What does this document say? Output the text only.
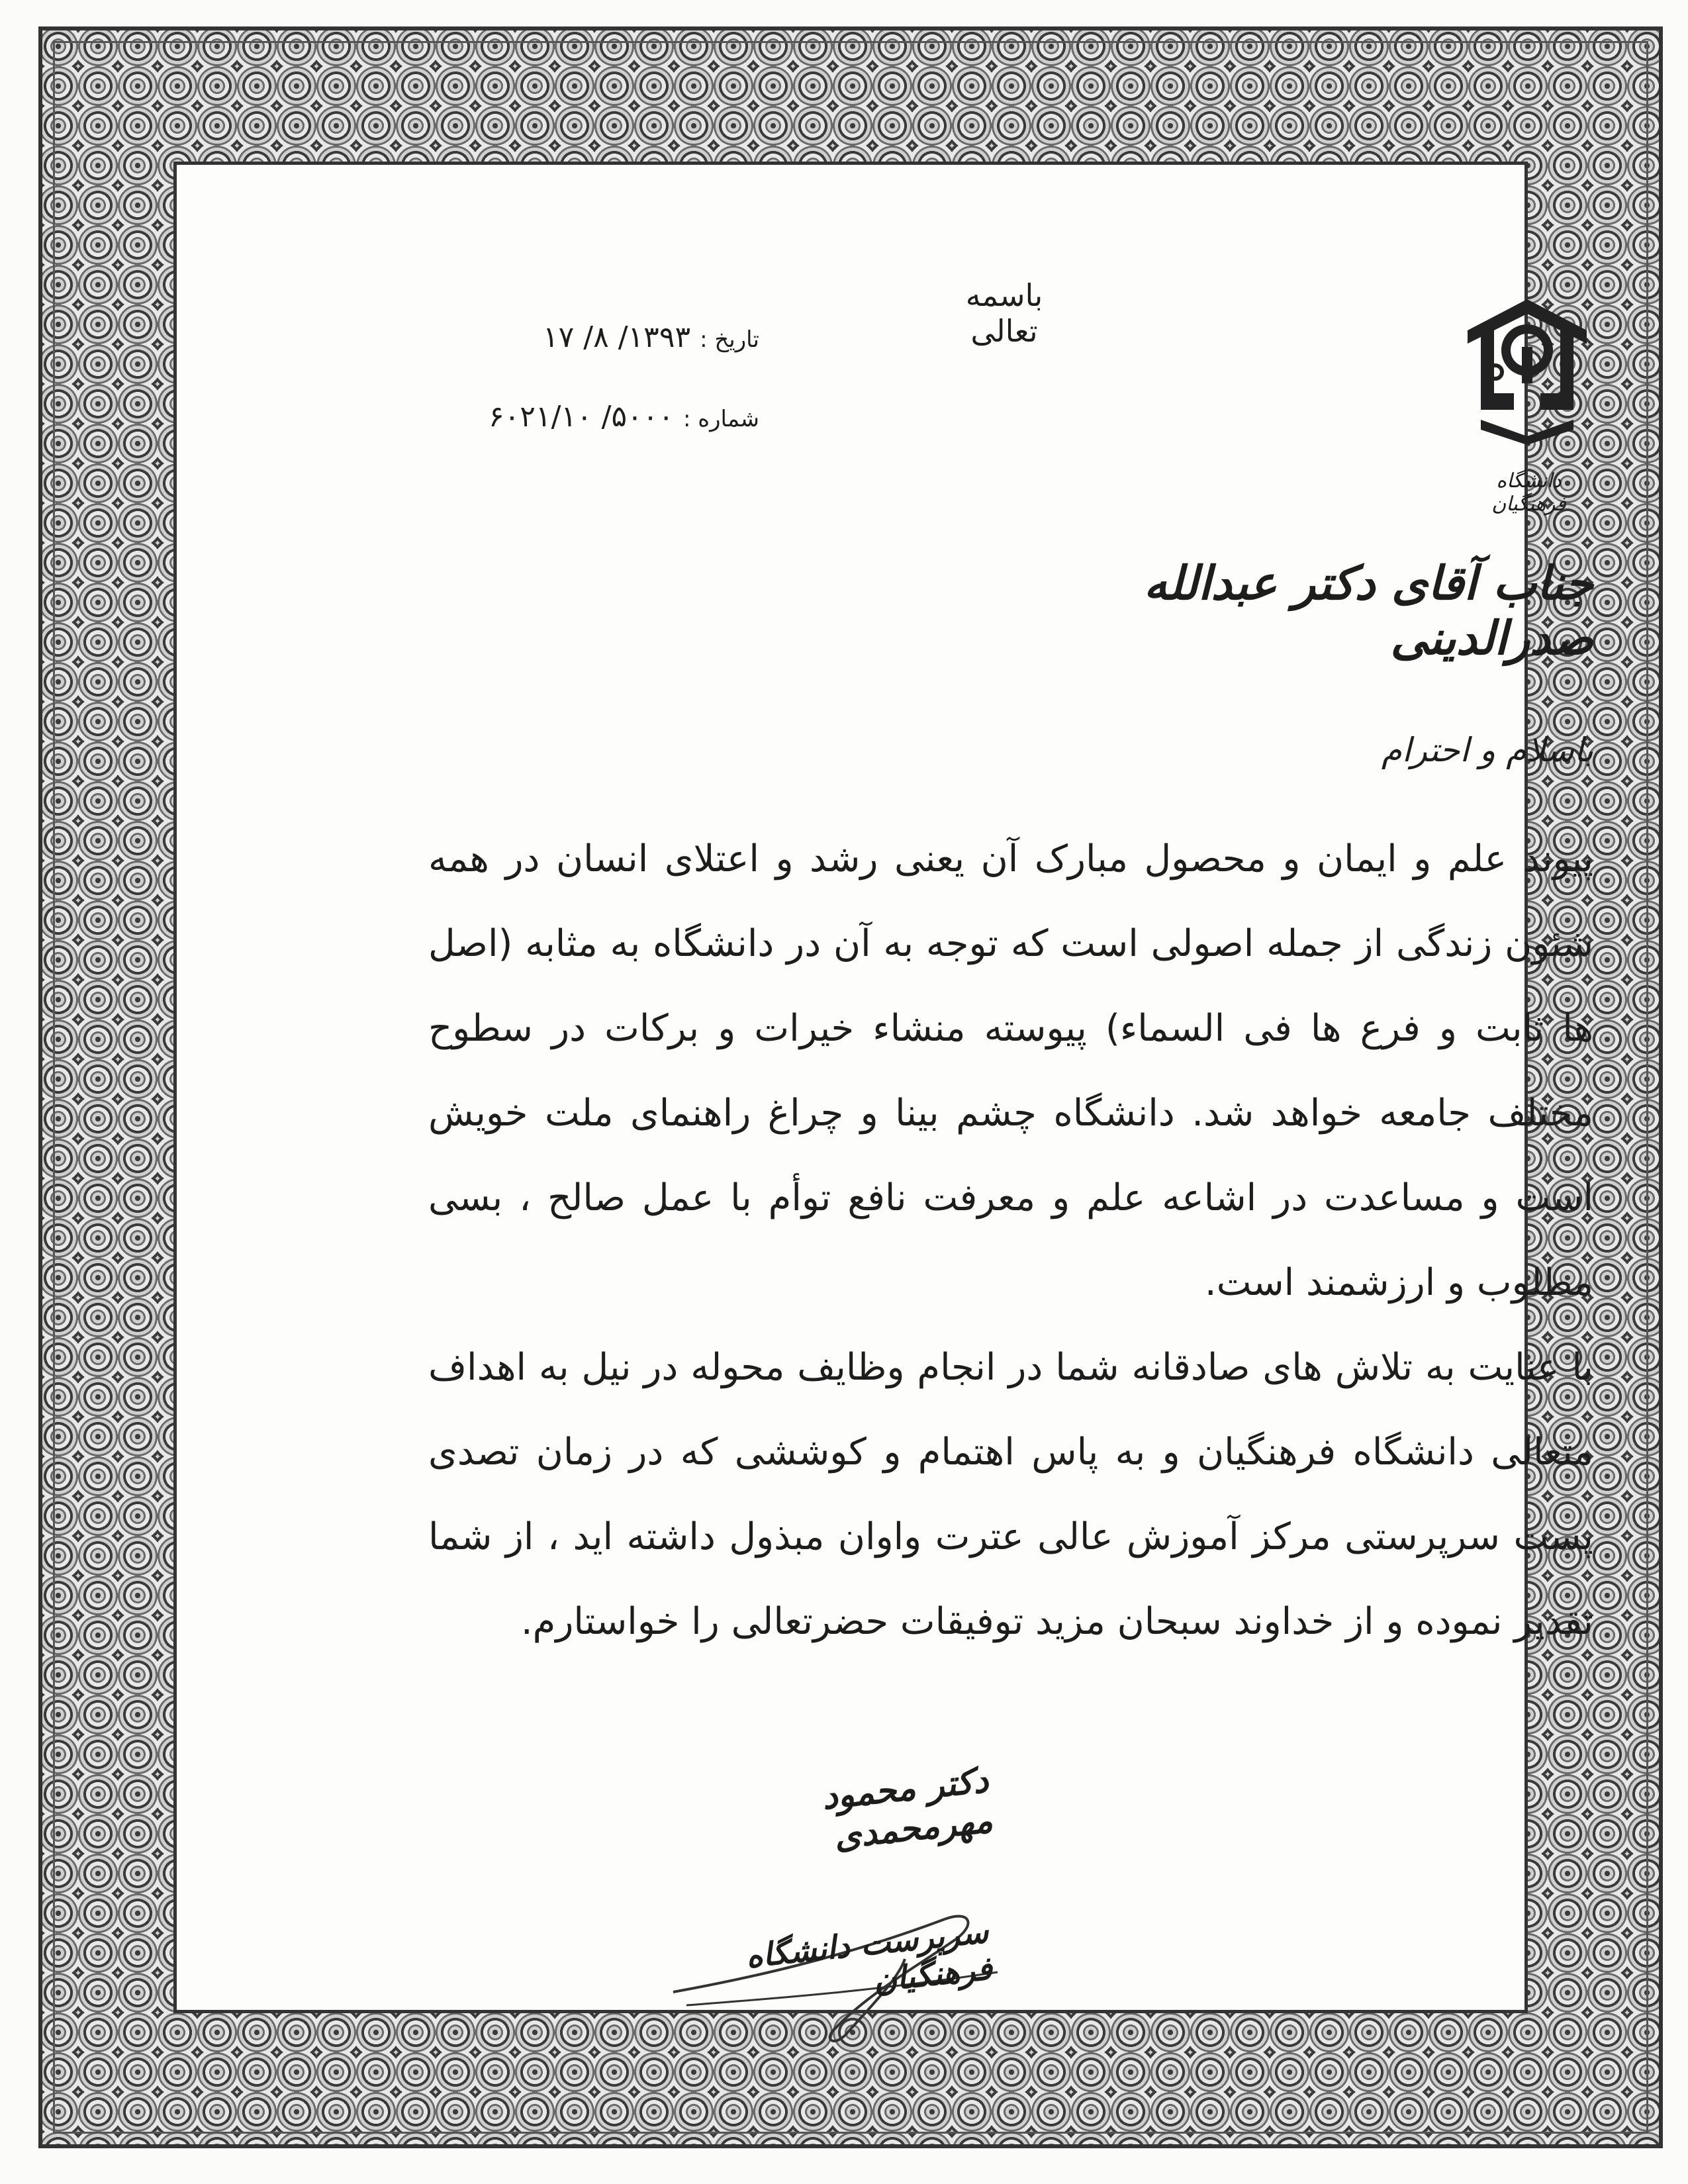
باسمه تعالی
دانشگاه فرهنگیان
تاریخ : ۱۳۹۳/ ۸/ ۱۷
شماره : ۵۰۰۰/ ۶۰۲۱/۱۰
جناب آقای دکتر عبدالله صدرالدینی
باسلام و احترام

پیوند علم و ایمان و محصول مبارک آن یعنی رشد و اعتلای انسان در همه شئون زندگی از جمله اصولی است که توجه به آن در دانشگاه به مثابه (اصل ها ثابت و فرع ها فی السماء) پیوسته منشاء خیرات و برکات در سطوح مختلف جامعه خواهد شد. دانشگاه چشم بینا و چراغ راهنمای ملت خویش است و مساعدت در اشاعه علم و معرفت نافع توأم با عمل صالح ، بسی مطلوب و ارزشمند است.

با عنایت به تلاش های صادقانه شما در انجام وظایف محوله در نیل به اهداف متعالی دانشگاه فرهنگیان و به پاس اهتمام و کوششی که در زمان تصدی پست سرپرستی مرکز آموزش عالی عترت واوان مبذول داشته اید ، از شما تقدیر نموده و از خداوند سبحان مزید توفیقات حضرتعالی را خواستارم.

دکتر محمود مهرمحمدی
سرپرست دانشگاه فرهنگیان
